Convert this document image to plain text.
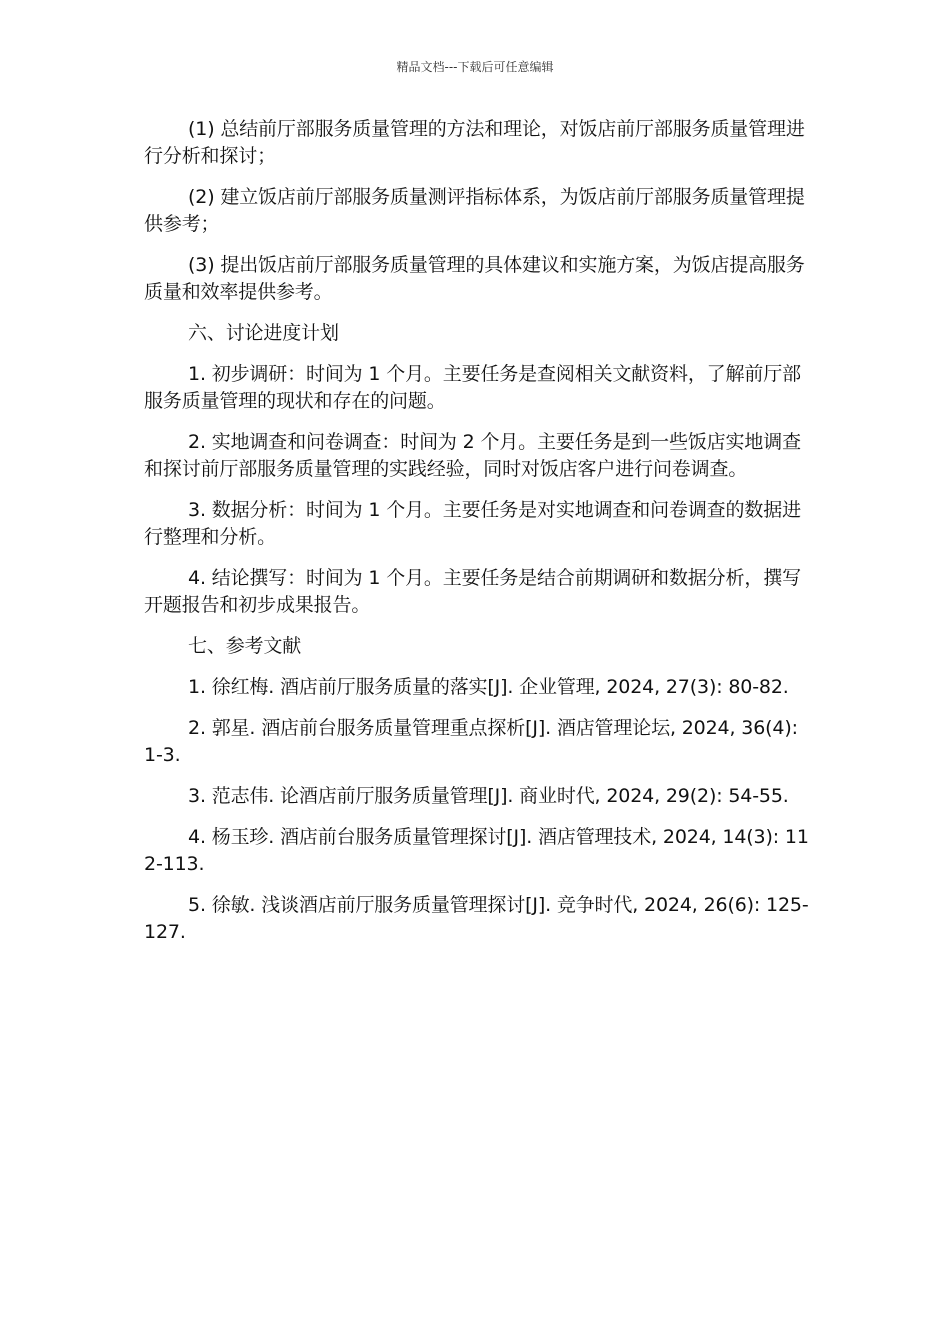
精品文档---下载后可任意编辑

(1) 总结前厅部服务质量管理的方法和理论，对饭店前厅部服务质量管理进行分析和探讨；

(2) 建立饭店前厅部服务质量测评指标体系，为饭店前厅部服务质量管理提供参考；

(3) 提出饭店前厅部服务质量管理的具体建议和实施方案，为饭店提高服务质量和效率提供参考。

六、讨论进度计划

1. 初步调研：时间为 1 个月。主要任务是查阅相关文献资料，了解前厅部服务质量管理的现状和存在的问题。

2. 实地调查和问卷调查：时间为 2 个月。主要任务是到一些饭店实地调查和探讨前厅部服务质量管理的实践经验，同时对饭店客户进行问卷调查。

3. 数据分析：时间为 1 个月。主要任务是对实地调查和问卷调查的数据进行整理和分析。

4. 结论撰写：时间为 1 个月。主要任务是结合前期调研和数据分析，撰写开题报告和初步成果报告。

七、参考文献

1. 徐红梅. 酒店前厅服务质量的落实[J]. 企业管理, 2024, 27(3): 80-82.

2. 郭星. 酒店前台服务质量管理重点探析[J]. 酒店管理论坛, 2024, 36(4): 1-3.

3. 范志伟. 论酒店前厅服务质量管理[J]. 商业时代, 2024, 29(2): 54-55.

4. 杨玉珍. 酒店前台服务质量管理探讨[J]. 酒店管理技术, 2024, 14(3): 112-113.

5. 徐敏. 浅谈酒店前厅服务质量管理探讨[J]. 竞争时代, 2024, 26(6): 125-127.
